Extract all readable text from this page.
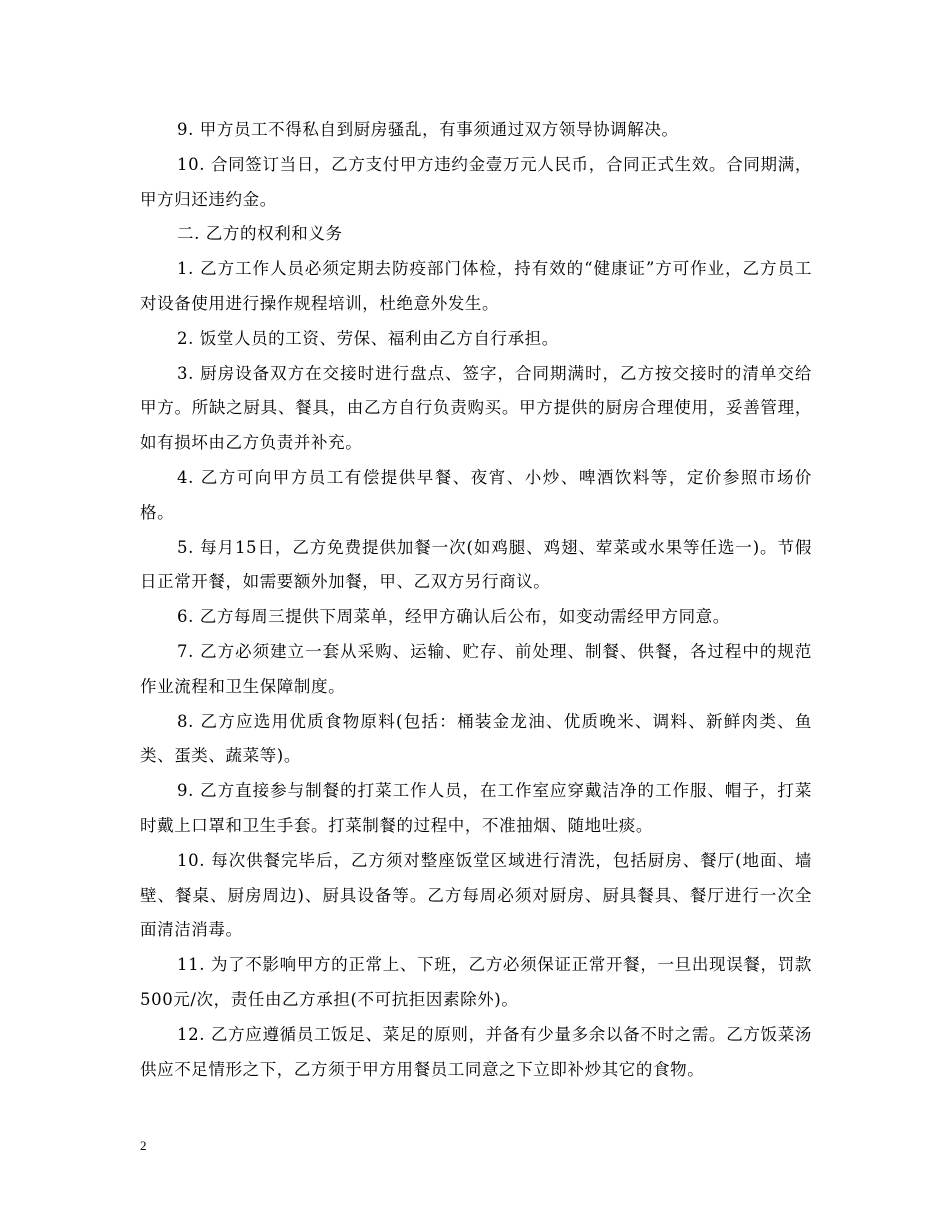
9. 甲方员工不得私自到厨房骚乱，有事须通过双方领导协调解决。

10. 合同签订当日，乙方支付甲方违约金壹万元人民币，合同正式生效。合同期满，甲方归还违约金。

二. 乙方的权利和义务

1. 乙方工作人员必须定期去防疫部门体检，持有效的“健康证”方可作业，乙方员工对设备使用进行操作规程培训，杜绝意外发生。

2. 饭堂人员的工资、劳保、福利由乙方自行承担。

3. 厨房设备双方在交接时进行盘点、签字，合同期满时，乙方按交接时的清单交给甲方。所缺之厨具、餐具，由乙方自行负责购买。甲方提供的厨房合理使用，妥善管理，如有损坏由乙方负责并补充。

4. 乙方可向甲方员工有偿提供早餐、夜宵、小炒、啤酒饮料等，定价参照市场价格。

5. 每月15日，乙方免费提供加餐一次(如鸡腿、鸡翅、荤菜或水果等任选一)。节假日正常开餐，如需要额外加餐，甲、乙双方另行商议。

6. 乙方每周三提供下周菜单，经甲方确认后公布，如变动需经甲方同意。

7. 乙方必须建立一套从采购、运输、贮存、前处理、制餐、供餐，各过程中的规范作业流程和卫生保障制度。

8. 乙方应选用优质食物原料(包括：桶装金龙油、优质晚米、调料、新鲜肉类、鱼类、蛋类、蔬菜等)。

9. 乙方直接参与制餐的打菜工作人员，在工作室应穿戴洁净的工作服、帽子，打菜时戴上口罩和卫生手套。打菜制餐的过程中，不准抽烟、随地吐痰。

10. 每次供餐完毕后，乙方须对整座饭堂区域进行清洗，包括厨房、餐厅(地面、墙壁、餐桌、厨房周边)、厨具设备等。乙方每周必须对厨房、厨具餐具、餐厅进行一次全面清洁消毒。

11. 为了不影响甲方的正常上、下班，乙方必须保证正常开餐，一旦出现误餐，罚款500元/次，责任由乙方承担(不可抗拒因素除外)。

12. 乙方应遵循员工饭足、菜足的原则，并备有少量多余以备不时之需。乙方饭菜汤供应不足情形之下，乙方须于甲方用餐员工同意之下立即补炒其它的食物。

2
